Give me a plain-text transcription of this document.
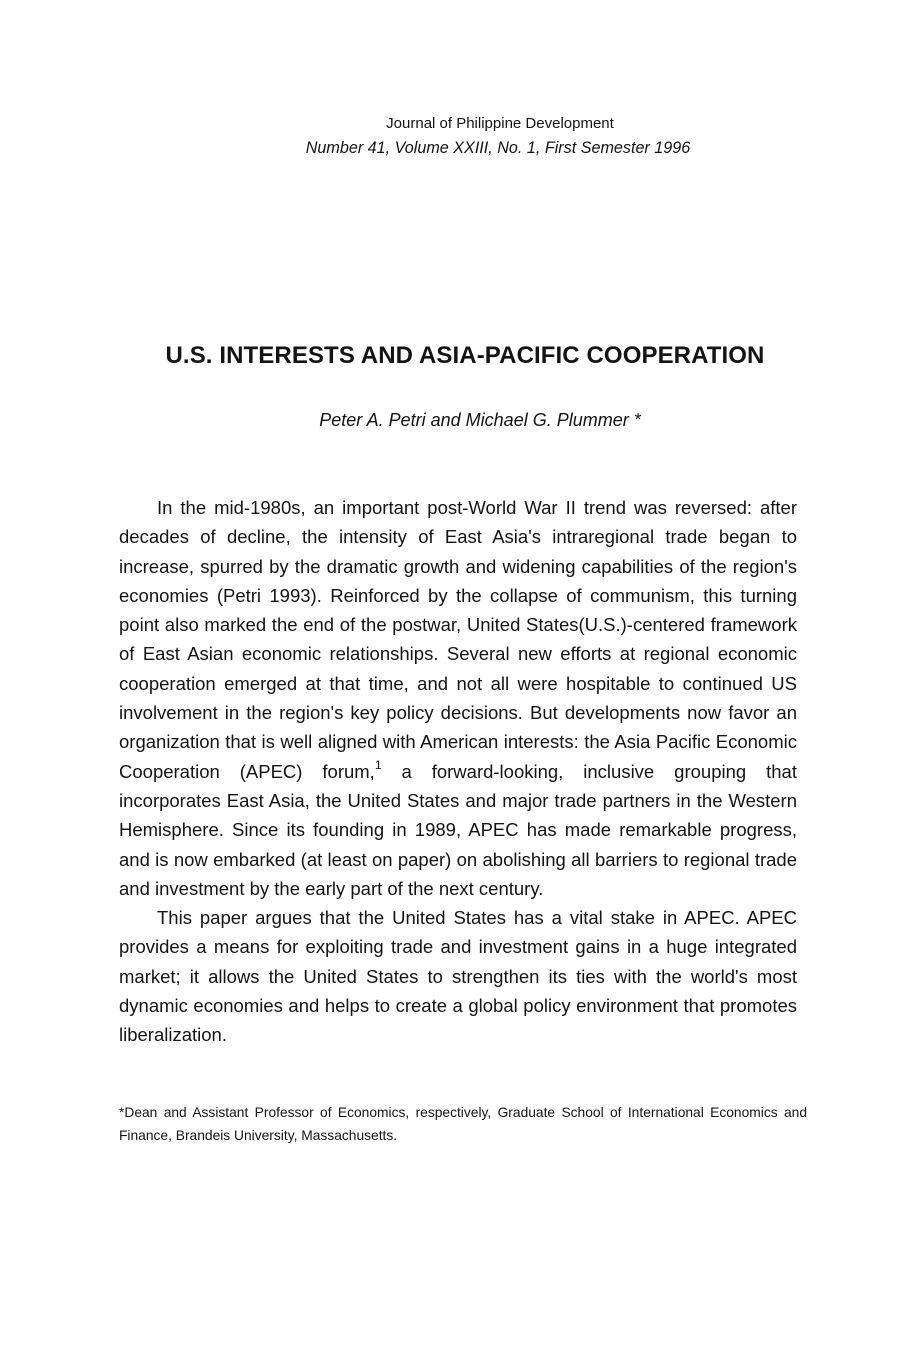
Journal of Philippine Development
Number 41, Volume XXIII, No. 1, First Semester 1996
U.S. INTERESTS AND ASIA-PACIFIC COOPERATION
Peter A. Petri and Michael G. Plummer *

In the mid-1980s, an important post-World War II trend was reversed: after decades of decline, the intensity of East Asia's intraregional trade began to increase, spurred by the dramatic growth and widening capabilities of the region's economies (Petri 1993). Reinforced by the collapse of communism, this turning point also marked the end of the postwar, United States(U.S.)-centered framework of East Asian economic relationships. Several new efforts at regional economic cooperation emerged at that time, and not all were hospitable to continued US involvement in the region's key policy decisions. But developments now favor an organization that is well aligned with American interests: the Asia Pacific Economic Cooperation (APEC) forum,$^1$ a forward-looking, inclusive grouping that incorporates East Asia, the United States and major trade partners in the Western Hemisphere. Since its founding in 1989, APEC has made remarkable progress, and is now embarked (at least on paper) on abolishing all barriers to regional trade and investment by the early part of the next century.

This paper argues that the United States has a vital stake in APEC. APEC provides a means for exploiting trade and investment gains in a huge integrated market; it allows the United States to strengthen its ties with the world's most dynamic economies and helps to create a global policy environment that promotes liberalization.

*Dean and Assistant Professor of Economics, respectively, Graduate School of International Economics and Finance, Brandeis University, Massachusetts.
